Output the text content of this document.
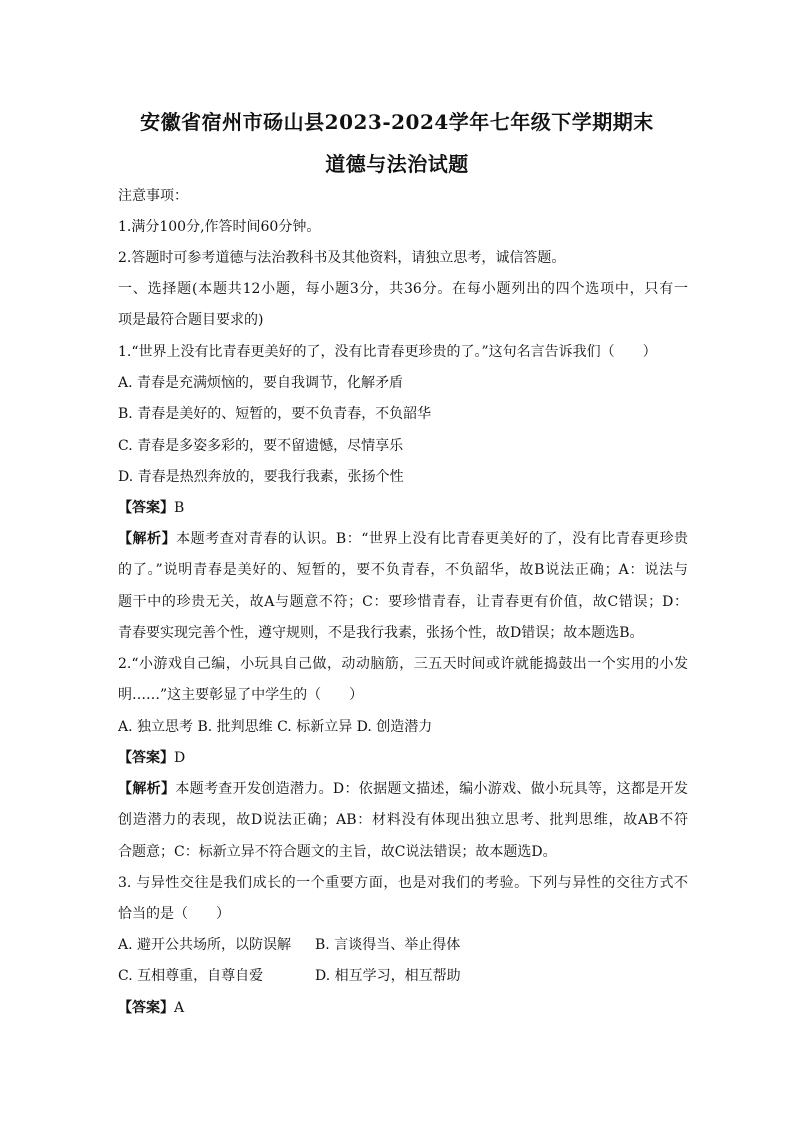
安徽省宿州市砀山县2023-2024学年七年级下学期期末
道德与法治试题
注意事项：
1.满分100分,作答时间60分钟。
2.答题时可参考道德与法治教科书及其他资料，请独立思考，诚信答题。
一、选择题(本题共12小题，每小题3分，共36分。在每小题列出的四个选项中，只有一
项是最符合题目要求的)
1.“世界上没有比青春更美好的了，没有比青春更珍贵的了。”这句名言告诉我们（　　）
A. 青春是充满烦恼的，要自我调节，化解矛盾
B. 青春是美好的、短暂的，要不负青春，不负韶华
C. 青春是多姿多彩的，要不留遗憾，尽情享乐
D. 青春是热烈奔放的，要我行我素，张扬个性
【答案】B
【解析】本题考查对青春的认识。B：“世界上没有比青春更美好的了，没有比青春更珍贵
的了。”说明青春是美好的、短暂的，要不负青春，不负韶华，故B说法正确；A：说法与
题干中的珍贵无关，故A与题意不符；C：要珍惜青春，让青春更有价值，故C错误；D：
青春要实现完善个性，遵守规则，不是我行我素，张扬个性，故D错误；故本题选B。
2.“小游戏自己编，小玩具自己做，动动脑筋，三五天时间或许就能捣鼓出一个实用的小发
明……”这主要彰显了中学生的（　　）
A. 独立思考 B. 批判思维 C. 标新立异 D. 创造潜力
【答案】D
【解析】本题考查开发创造潜力。D：依据题文描述，编小游戏、做小玩具等，这都是开发
创造潜力的表现，故D说法正确；AB：材料没有体现出独立思考、批判思维，故AB不符
合题意；C：标新立异不符合题文的主旨，故C说法错误；故本题选D。
3. 与异性交往是我们成长的一个重要方面，也是对我们的考验。下列与异性的交往方式不
恰当的是（　　）
A. 避开公共场所，以防误解 B. 言谈得当、举止得体
C. 互相尊重，自尊自爱	D. 相互学习，相互帮助
【答案】A
